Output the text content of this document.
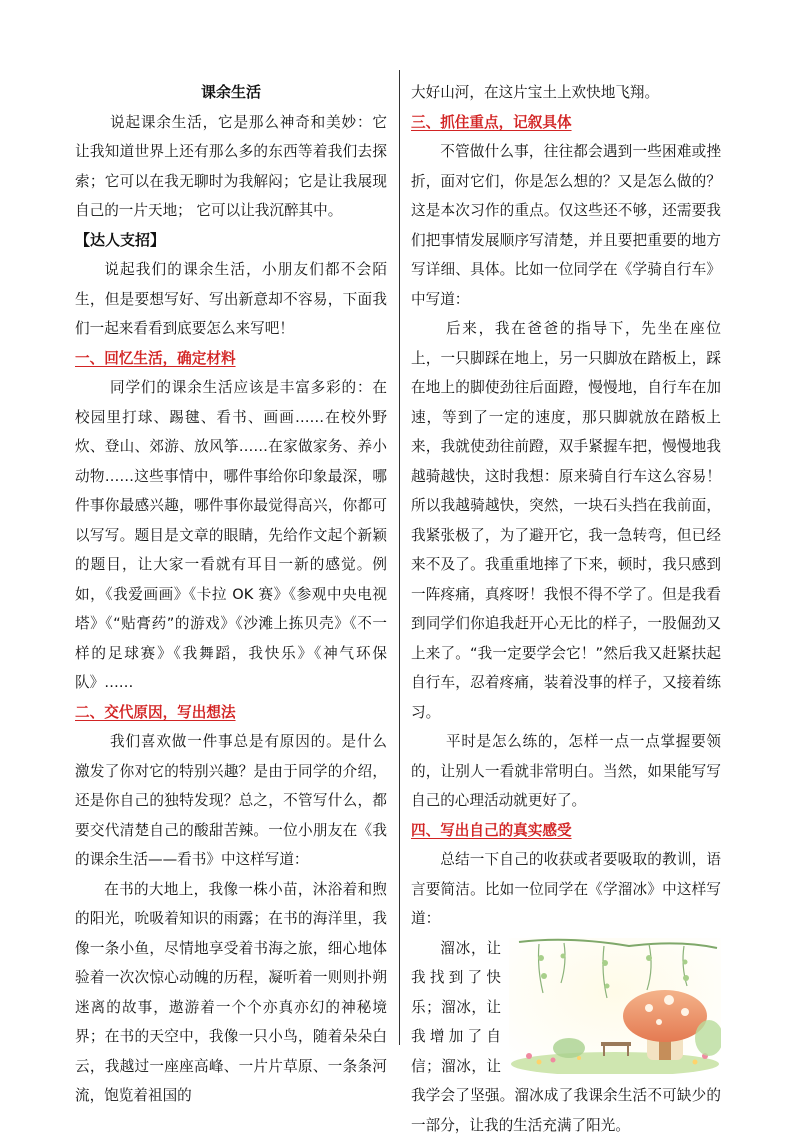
课余生活

说起课余生活，它是那么神奇和美妙：它让我知道世界上还有那么多的东西等着我们去探索；它可以在我无聊时为我解闷；它是让我展现自己的一片天地； 它可以让我沉醉其中。

【达人支招】

说起我们的课余生活，小朋友们都不会陌生，但是要想写好、写出新意却不容易，下面我们一起来看看到底要怎么来写吧！

一、回忆生活，确定材料

同学们的课余生活应该是丰富多彩的：在校园里打球、踢毽、看书、画画……在校外野炊、登山、郊游、放风筝……在家做家务、养小动物……这些事情中，哪件事给你印象最深，哪件事你最感兴趣，哪件事你最觉得高兴，你都可以写写。题目是文章的眼睛，先给作文起个新颖的题目，让大家一看就有耳目一新的感觉。例如，《我爱画画》《卡拉 OK 赛》《参观中央电视塔》《“贴膏药”的游戏》《沙滩上拣贝壳》《不一样的足球赛》《我舞蹈，我快乐》《神气环保队》……

二、交代原因，写出想法

我们喜欢做一件事总是有原因的。是什么激发了你对它的特别兴趣？是由于同学的介绍，还是你自己的独特发现？总之，不管写什么，都要交代清楚自己的酸甜苦辣。一位小朋友在《我的课余生活——看书》中这样写道：

在书的大地上，我像一株小苗，沐浴着和煦的阳光，吮吸着知识的雨露；在书的海洋里，我像一条小鱼，尽情地享受着书海之旅，细心地体验着一次次惊心动魄的历程，凝听着一则则扑朔迷离的故事，遨游着一个个亦真亦幻的神秘境界；在书的天空中，我像一只小鸟，随着朵朵白云，我越过一座座高峰、一片片草原、一条条河流，饱览着祖国的

大好山河，在这片宝土上欢快地飞翔。

三、抓住重点，记叙具体

不管做什么事，往往都会遇到一些困难或挫折，面对它们，你是怎么想的？又是怎么做的？这是本次习作的重点。仅这些还不够，还需要我们把事情发展顺序写清楚，并且要把重要的地方写详细、具体。比如一位同学在《学骑自行车》中写道：

后来，我在爸爸的指导下，先坐在座位上，一只脚踩在地上，另一只脚放在踏板上，踩在地上的脚使劲往后面蹬，慢慢地，自行车在加速，等到了一定的速度，那只脚就放在踏板上来，我就使劲往前蹬，双手紧握车把，慢慢地我越骑越快，这时我想：原来骑自行车这么容易！所以我越骑越快，突然，一块石头挡在我前面，我紧张极了，为了避开它，我一急转弯，但已经来不及了。我重重地摔了下来，顿时，我只感到一阵疼痛，真疼呀！我恨不得不学了。但是我看到同学们你追我赶开心无比的样子，一股倔劲又上来了。“我一定要学会它！”然后我又赶紧扶起自行车，忍着疼痛，装着没事的样子，又接着练习。

平时是怎么练的，怎样一点一点掌握要领的，让别人一看就非常明白。当然，如果能写写自己的心理活动就更好了。

四、写出自己的真实感受

总结一下自己的收获或者要吸取的教训，语言要简洁。比如一位同学在《学溜冰》中这样写道：

溜冰，让我找到了快乐；溜冰，让我增加了自信；溜冰，让我学会了坚强。溜冰成了我课余生活不可缺少的一部分，让我的生活充满了阳光。
